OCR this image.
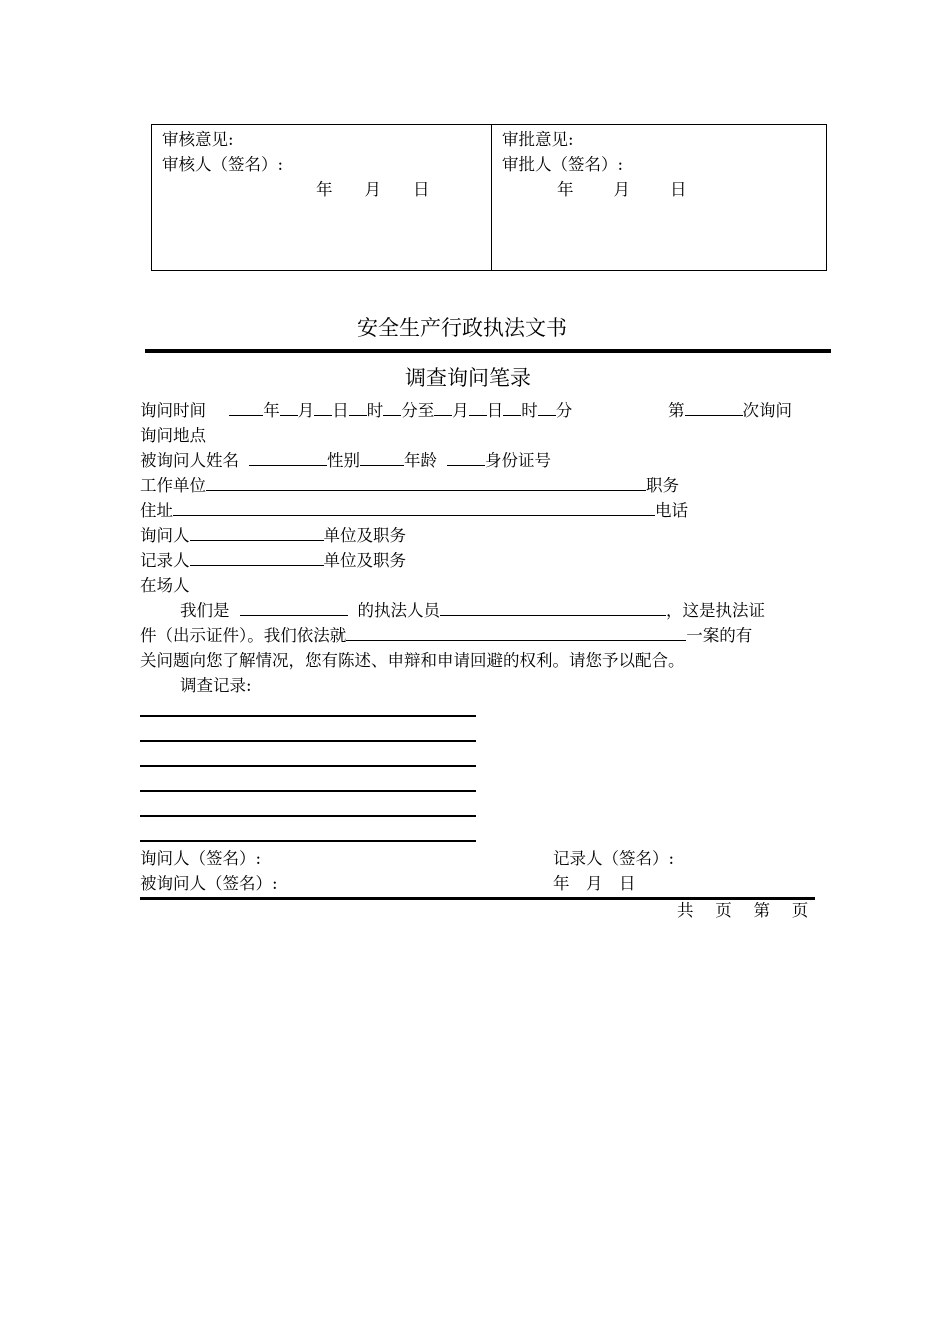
审核意见:
审核人（签名）:
年 月 日
审批意见:
审批人（签名）:
年 月 日
安全生产行政执法文书
调查询问笔录
询问时间	年 月 日 时 分至 月 日 时 分	第	次询问
询问地点
被询问人姓名	性别	年龄	身份证号
工作单位	职务
住址	电话
询问人	单位及职务
记录人	单位及职务
在场人
我们是	的执法人员	，这是执法证
件（出示证件）。我们依法就	一案的有
关问题向您了解情况，您有陈述、申辩和申请回避的权利。请您予以配合。
调查记录:
询问人（签名）:
被询问人（签名）:
记录人（签名）:
年　月　日
共　 页　 第　 页
